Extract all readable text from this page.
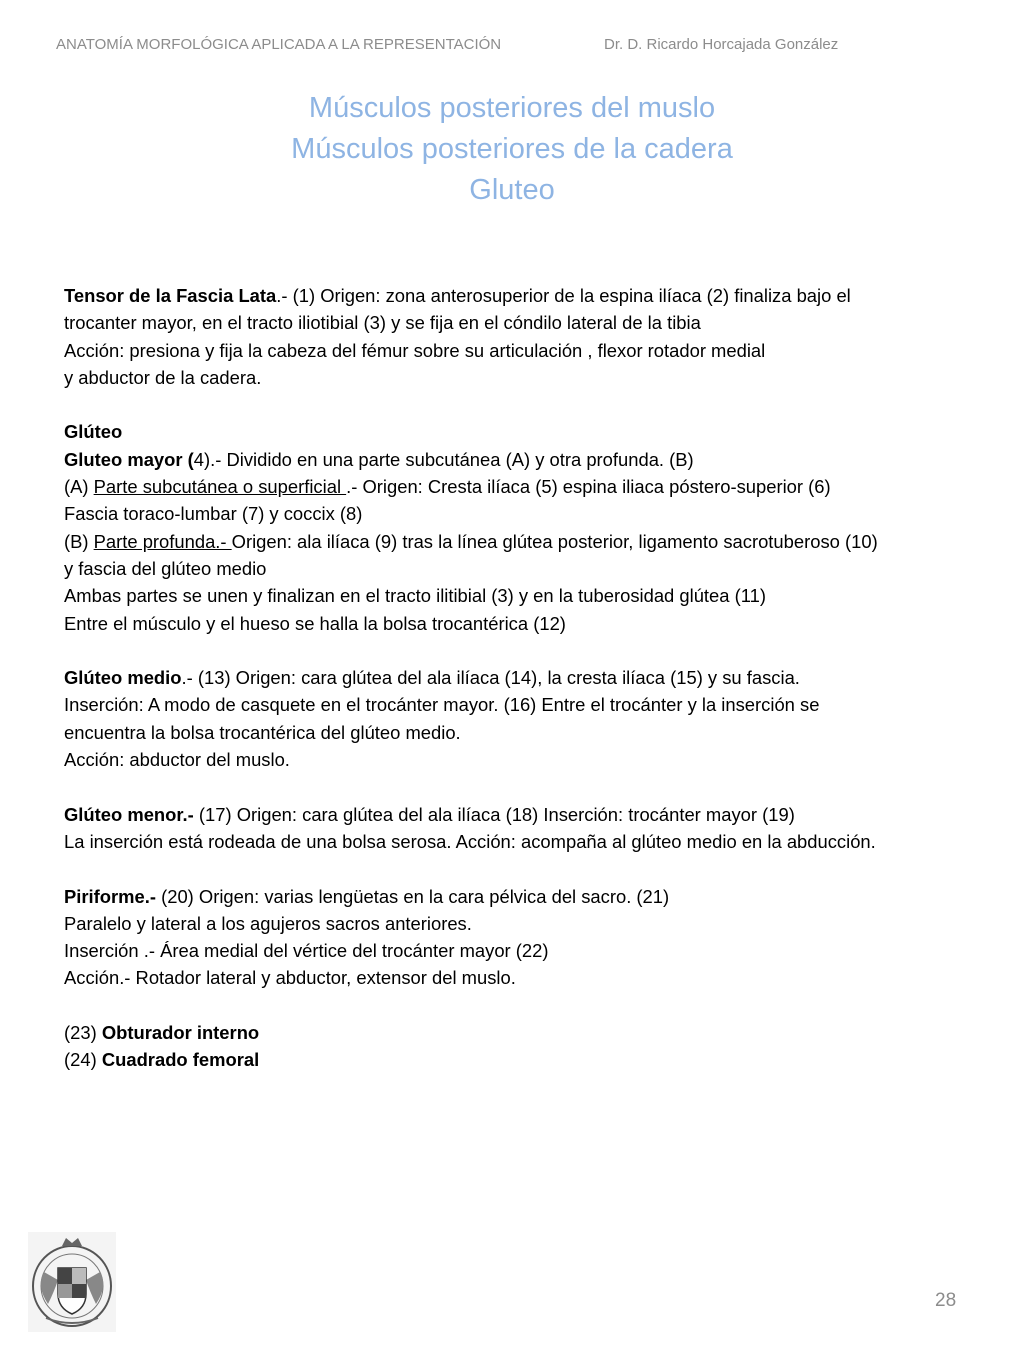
ANATOMÍA MORFOLÓGICA APLICADA A LA REPRESENTACIÓN	Dr. D. Ricardo Horcajada González
Músculos posteriores del muslo
Músculos posteriores de la cadera
Gluteo
Tensor de la Fascia Lata.- (1) Origen: zona anterosuperior de la espina ilíaca (2) finaliza bajo el
trocanter mayor, en el tracto iliotibial (3) y se fija en el cóndilo lateral de la tibia
Acción: presiona y fija la cabeza del fémur sobre su articulación , flexor rotador medial
y abductor de la cadera.
Glúteo
Gluteo mayor (4).- Dividido en una parte subcutánea (A) y otra profunda. (B)
(A) Parte subcutánea o superficial .- Origen: Cresta ilíaca (5) espina iliaca póstero-superior (6)
Fascia toraco-lumbar (7) y coccix (8)
(B) Parte profunda.- Origen: ala ilíaca (9) tras la línea glútea posterior, ligamento sacrotuberoso (10)
y fascia del glúteo medio
Ambas partes se unen y finalizan en el tracto ilitibial (3) y en la tuberosidad glútea (11)
Entre el músculo y el hueso se halla la bolsa trocantérica (12)
Glúteo medio.- (13) Origen: cara glútea del ala ilíaca (14), la cresta ilíaca (15) y su fascia.
Inserción: A modo de casquete en el trocánter mayor. (16) Entre el trocánter y la inserción se
encuentra la bolsa trocantérica del glúteo medio.
Acción: abductor del muslo.
Glúteo menor.- (17) Origen: cara glútea del ala ilíaca (18) Inserción: trocánter mayor (19)
La inserción está rodeada de una bolsa serosa. Acción: acompaña al glúteo medio en la abducción.
Piriforme.- (20) Origen: varias lengüetas en la cara pélvica del sacro. (21)
Paralelo y lateral a los agujeros sacros anteriores.
Inserción .- Área medial del vértice del trocánter mayor (22)
Acción.- Rotador lateral y abductor, extensor del muslo.
(23) Obturador interno
(24) Cuadrado femoral
28
